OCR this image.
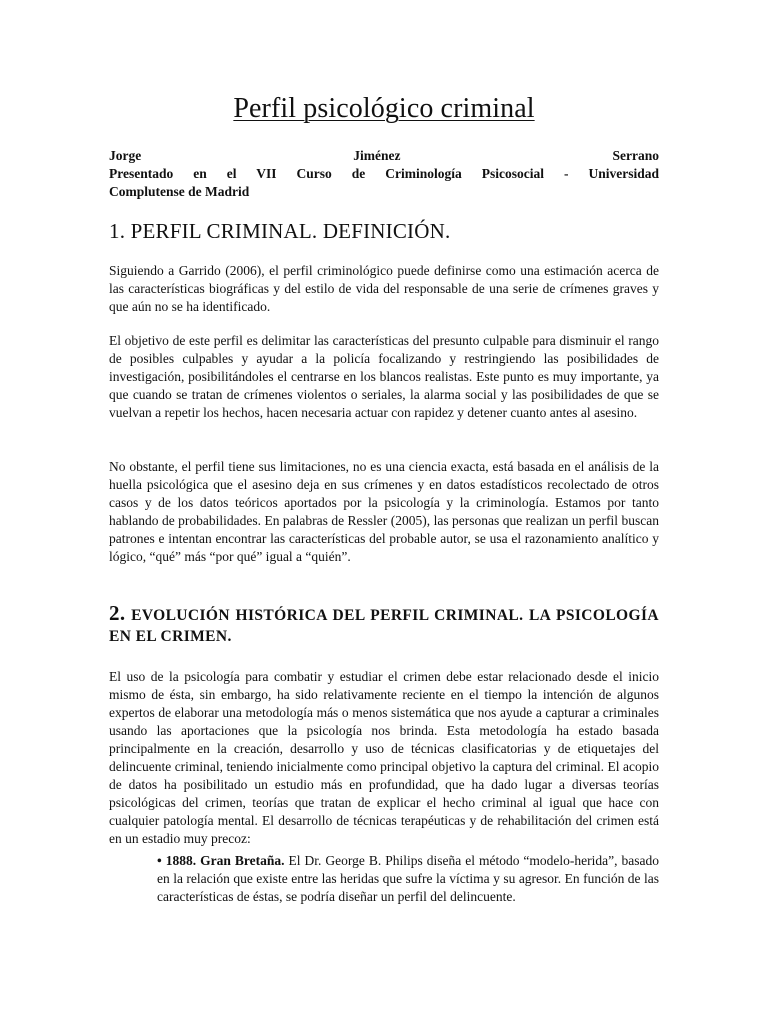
Perfil psicológico criminal
Jorge	Jiménez	Serrano
Presentado en el VII Curso de Criminología Psicosocial - Universidad
Complutense de Madrid
1. PERFIL CRIMINAL. DEFINICIÓN.

Siguiendo a Garrido (2006), el perfil criminológico puede definirse como una estimación acerca de las características biográficas y del estilo de vida del responsable de una serie de crímenes graves y que aún no se ha identificado.

El objetivo de este perfil es delimitar las características del presunto culpable para disminuir el rango de posibles culpables y ayudar a la policía focalizando y restringiendo las posibilidades de investigación, posibilitándoles el centrarse en los blancos realistas. Este punto es muy importante, ya que cuando se tratan de crímenes violentos o seriales, la alarma social y las posibilidades de que se vuelvan a repetir los hechos, hacen necesaria actuar con rapidez y detener cuanto antes al asesino.

No obstante, el perfil tiene sus limitaciones, no es una ciencia exacta, está basada en el análisis de la huella psicológica que el asesino deja en sus crímenes y en datos estadísticos recolectado de otros casos y de los datos teóricos aportados por la psicología y la criminología. Estamos por tanto hablando de probabilidades. En palabras de Ressler (2005), las personas que realizan un perfil buscan patrones e intentan encontrar las características del probable autor, se usa el razonamiento analítico y lógico, “qué” más “por qué” igual a “quién”.

2. EVOLUCIÓN HISTÓRICA DEL PERFIL CRIMINAL. LA PSICOLOGÍA EN EL CRIMEN.

El uso de la psicología para combatir y estudiar el crimen debe estar relacionado desde el inicio mismo de ésta, sin embargo, ha sido relativamente reciente en el tiempo la intención de algunos expertos de elaborar una metodología más o menos sistemática que nos ayude a capturar a criminales usando las aportaciones que la psicología nos brinda. Esta metodología ha estado basada principalmente en la creación, desarrollo y uso de técnicas clasificatorias y de etiquetajes del delincuente criminal, teniendo inicialmente como principal objetivo la captura del criminal. El acopio de datos ha posibilitado un estudio más en profundidad, que ha dado lugar a diversas teorías psicológicas del crimen, teorías que tratan de explicar el hecho criminal al igual que hace con cualquier patología mental. El desarrollo de técnicas terapéuticas y de rehabilitación del crimen está en un estadio muy precoz:

• 1888. Gran Bretaña. El Dr. George B. Philips diseña el método “modelo-herida”, basado en la relación que existe entre las heridas que sufre la víctima y su agresor. En función de las características de éstas, se podría diseñar un perfil del delincuente.
